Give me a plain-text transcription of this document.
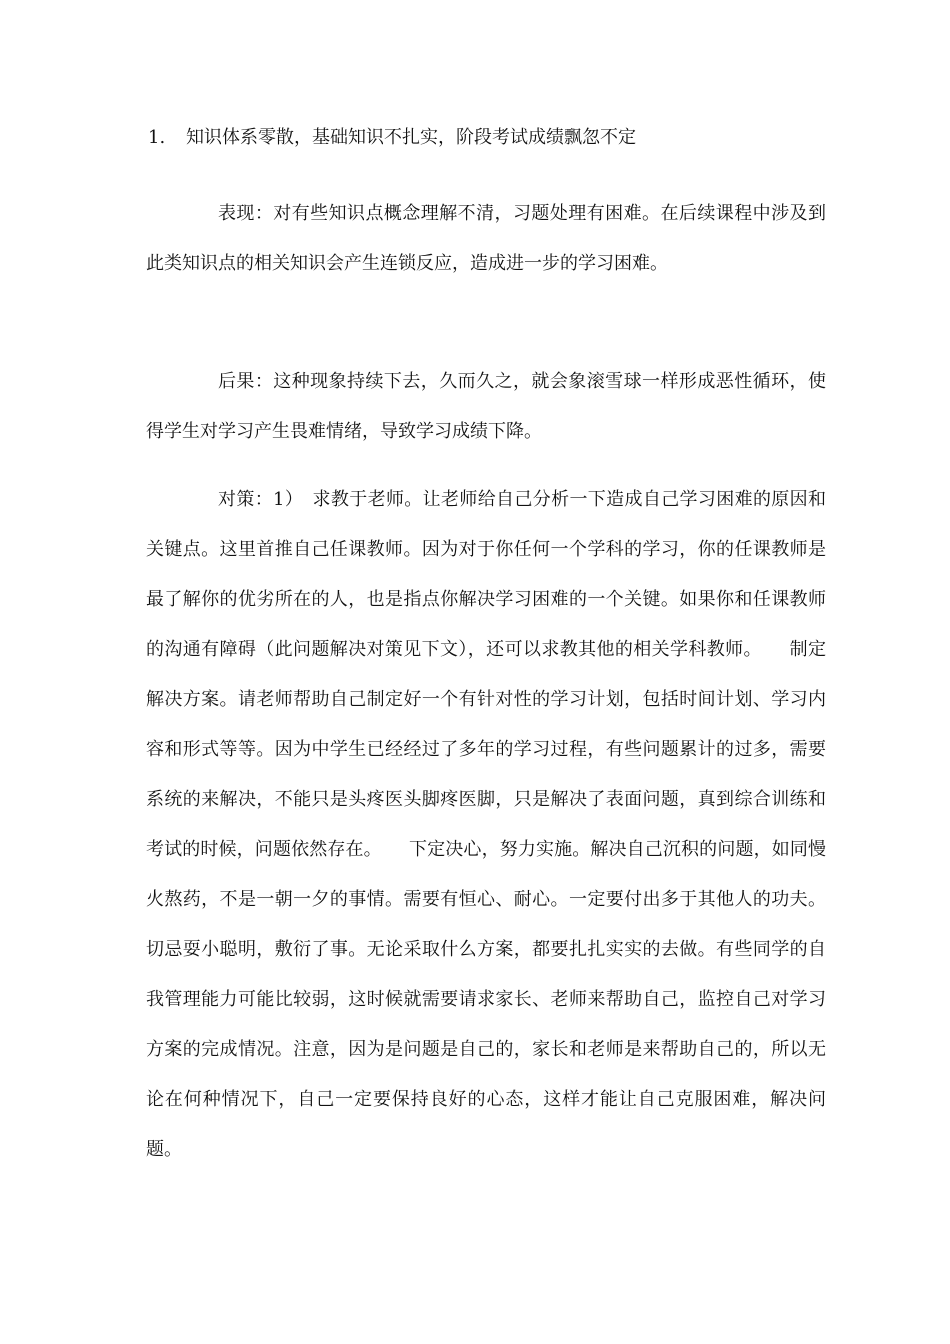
1. 知识体系零散，基础知识不扎实，阶段考试成绩飘忽不定

表现：对有些知识点概念理解不清，习题处理有困难。在后续课程中涉及到此类知识点的相关知识会产生连锁反应，造成进一步的学习困难。

后果：这种现象持续下去，久而久之，就会象滚雪球一样形成恶性循环，使得学生对学习产生畏难情绪，导致学习成绩下降。

对策：1）　求教于老师。让老师给自己分析一下造成自己学习困难的原因和关键点。这里首推自己任课教师。因为对于你任何一个学科的学习，你的任课教师是最了解你的优劣所在的人，也是指点你解决学习困难的一个关键。如果你和任课教师的沟通有障碍（此问题解决对策见下文），还可以求教其他的相关学科教师。　　制定解决方案。请老师帮助自己制定好一个有针对性的学习计划，包括时间计划、学习内容和形式等等。因为中学生已经经过了多年的学习过程，有些问题累计的过多，需要系统的来解决，不能只是头疼医头脚疼医脚，只是解决了表面问题，真到综合训练和考试的时候，问题依然存在。　　下定决心，努力实施。解决自己沉积的问题，如同慢火熬药，不是一朝一夕的事情。需要有恒心、耐心。一定要付出多于其他人的功夫。切忌耍小聪明，敷衍了事。无论采取什么方案，都要扎扎实实的去做。有些同学的自我管理能力可能比较弱，这时候就需要请求家长、老师来帮助自己，监控自己对学习方案的完成情况。注意，因为是问题是自己的，家长和老师是来帮助自己的，所以无论在何种情况下，自己一定要保持良好的心态，这样才能让自己克服困难，解决问题。
